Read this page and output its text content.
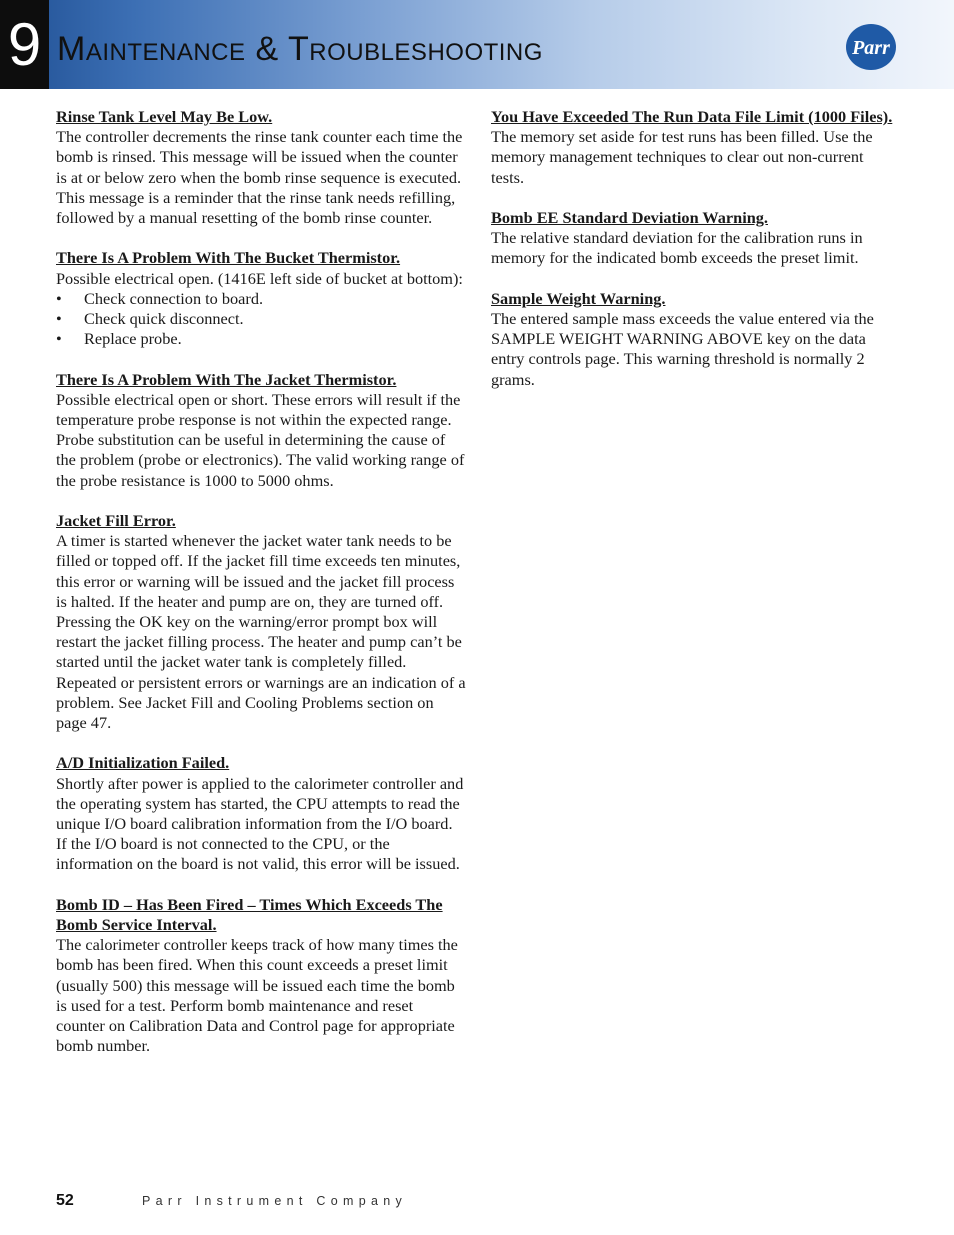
9 Maintenance & Troubleshooting	Parr
Rinse Tank Level May Be Low.

The controller decrements the rinse tank counter each time the bomb is rinsed. This message will be issued when the counter is at or below zero when the bomb rinse sequence is executed. This message is a reminder that the rinse tank needs refilling, followed by a manual resetting of the bomb rinse counter.

There Is A Problem With The Bucket Thermistor.

Possible electrical open. (1416E left side of bucket at bottom):

• Check connection to board.
• Check quick disconnect.
• Replace probe.
There Is A Problem With The Jacket Thermistor.

Possible electrical open or short. These errors will result if the temperature probe response is not within the expected range. Probe substitution can be useful in determining the cause of the problem (probe or electronics). The valid working range of the probe resistance is 1000 to 5000 ohms.

Jacket Fill Error.

A timer is started whenever the jacket water tank needs to be filled or topped off. If the jacket fill time exceeds ten minutes, this error or warning will be issued and the jacket fill process is halted. If the heater and pump are on, they are turned off. Pressing the OK key on the warning/error prompt box will restart the jacket filling process. The heater and pump can’t be started until the jacket water tank is completely filled. Repeated or persistent errors or warnings are an indication of a problem. See Jacket Fill and Cooling Problems section on page 47.

A/D Initialization Failed.

Shortly after power is applied to the calorimeter controller and the operating system has started, the CPU attempts to read the unique I/O board calibration information from the I/O board. If the I/O board is not connected to the CPU, or the information on the board is not valid, this error will be issued.

Bomb ID – Has Been Fired – Times Which Exceeds The Bomb Service Interval.

The calorimeter controller keeps track of how many times the bomb has been fired. When this count exceeds a preset limit (usually 500) this message will be issued each time the bomb is used for a test. Perform bomb maintenance and reset counter on Calibration Data and Control page for appropriate bomb number.

You Have Exceeded The Run Data File Limit (1000 Files).

The memory set aside for test runs has been filled. Use the memory management techniques to clear out non-current tests.

Bomb EE Standard Deviation Warning.

The relative standard deviation for the calibration runs in memory for the indicated bomb exceeds the preset limit.

Sample Weight Warning.

The entered sample mass exceeds the value entered via the SAMPLE WEIGHT WARNING ABOVE key on the data entry controls page. This warning threshold is normally 2 grams.

52	Parr Instrument Company
